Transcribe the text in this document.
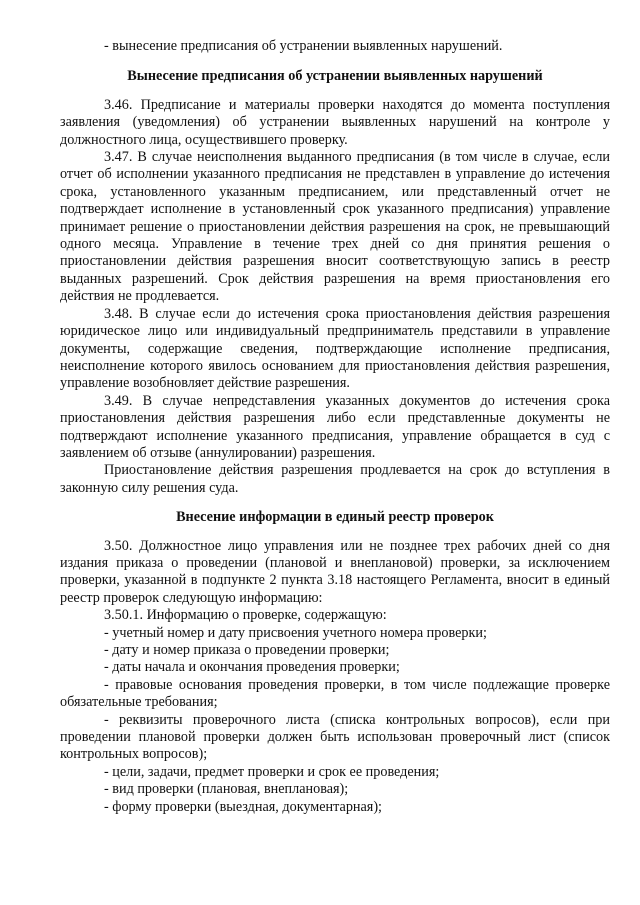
- вынесение предписания об устранении выявленных нарушений.

Вынесение предписания об устранении выявленных нарушений

3.46. Предписание и материалы проверки находятся до момента поступления заявления (уведомления) об устранении выявленных нарушений на контроле у должностного лица, осуществившего проверку.

3.47. В случае неисполнения выданного предписания (в том числе в случае, если отчет об исполнении указанного предписания не представлен в управление до истечения срока, установленного указанным предписанием, или представленный отчет не подтверждает исполнение в установленный срок указанного предписания) управление принимает решение о приостановлении действия разрешения на срок, не превышающий одного месяца. Управление в течение трех дней со дня принятия решения о приостановлении действия разрешения вносит соответствующую запись в реестр выданных разрешений. Срок действия разрешения на время приостановления его действия не продлевается.

3.48. В случае если до истечения срока приостановления действия разрешения юридическое лицо или индивидуальный предприниматель представили в управление документы, содержащие сведения, подтверждающие исполнение предписания, неисполнение которого явилось основанием для приостановления действия разрешения, управление возобновляет действие разрешения.

3.49. В случае непредставления указанных документов до истечения срока приостановления действия разрешения либо если представленные документы не подтверждают исполнение указанного предписания, управление обращается в суд с заявлением об отзыве (аннулировании) разрешения.

Приостановление действия разрешения продлевается на срок до вступления в законную силу решения суда.

Внесение информации в единый реестр проверок

3.50. Должностное лицо управления или не позднее трех рабочих дней со дня издания приказа о проведении (плановой и внеплановой) проверки, за исключением проверки, указанной в подпункте 2 пункта 3.18 настоящего Регламента, вносит в единый реестр проверок следующую информацию:

3.50.1. Информацию о проверке, содержащую:

- учетный номер и дату присвоения учетного номера проверки;

- дату и номер приказа о проведении проверки;

- даты начала и окончания проведения проверки;

- правовые основания проведения проверки, в том числе подлежащие проверке обязательные требования;

- реквизиты проверочного листа (списка контрольных вопросов), если при проведении плановой проверки должен быть использован проверочный лист (список контрольных вопросов);

- цели, задачи, предмет проверки и срок ее проведения;

- вид проверки (плановая, внеплановая);

- форму проверки (выездная, документарная);
